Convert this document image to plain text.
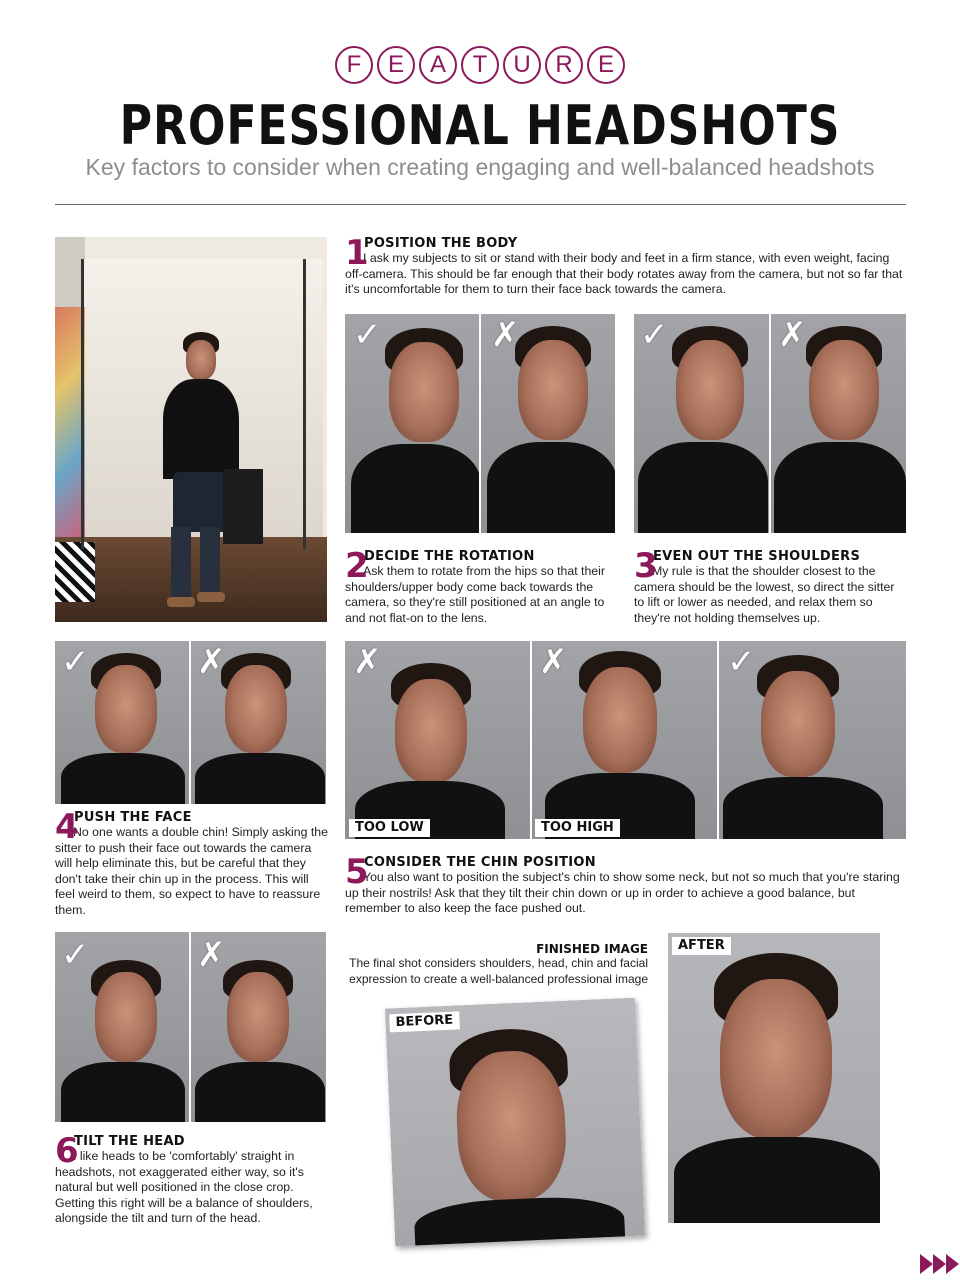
F	E	A	T	U	R	E
PROFESSIONAL HEADSHOTS
Key factors to consider when creating engaging and well-balanced headshots
1

POSITION THE BODY

I ask my subjects to sit or stand with their body and feet in a firm stance, with even weight, facing off-camera. This should be far enough that their body rotates away from the camera, but not so far that it's uncomfortable for them to turn their face back towards the camera.

✓	✗	✓	✗
2

DECIDE THE ROTATION

Ask them to rotate from the hips so that their shoulders/upper body come back towards the camera, so they're still positioned at an angle to and not flat-on to the lens.

3

EVEN OUT THE SHOULDERS

My rule is that the shoulder closest to the camera should be the lowest, so direct the sitter to lift or lower as needed, and relax them so they're not holding themselves up.

✓	✗	✗	✗	✓
TOO LOW	TOO HIGH
4

PUSH THE FACE

No one wants a double chin! Simply asking the sitter to push their face out towards the camera will help eliminate this, but be careful that they don't take their chin up in the process. This will feel weird to them, so expect to have to reassure them.

5

CONSIDER THE CHIN POSITION

You also want to position the subject's chin to show some neck, but not so much that you're staring up their nostrils! Ask that they tilt their chin down or up in order to achieve a good balance, but remember to also keep the face pushed out.

✓	✗
6

TILT THE HEAD

I like heads to be 'comfortably' straight in headshots, not exaggerated either way, so it's natural but well positioned in the close crop. Getting this right will be a balance of shoulders, alongside the tilt and turn of the head.

FINISHED IMAGE
The final shot considers shoulders, head, chin and facial expression to create a well-balanced professional image
BEFORE
AFTER
